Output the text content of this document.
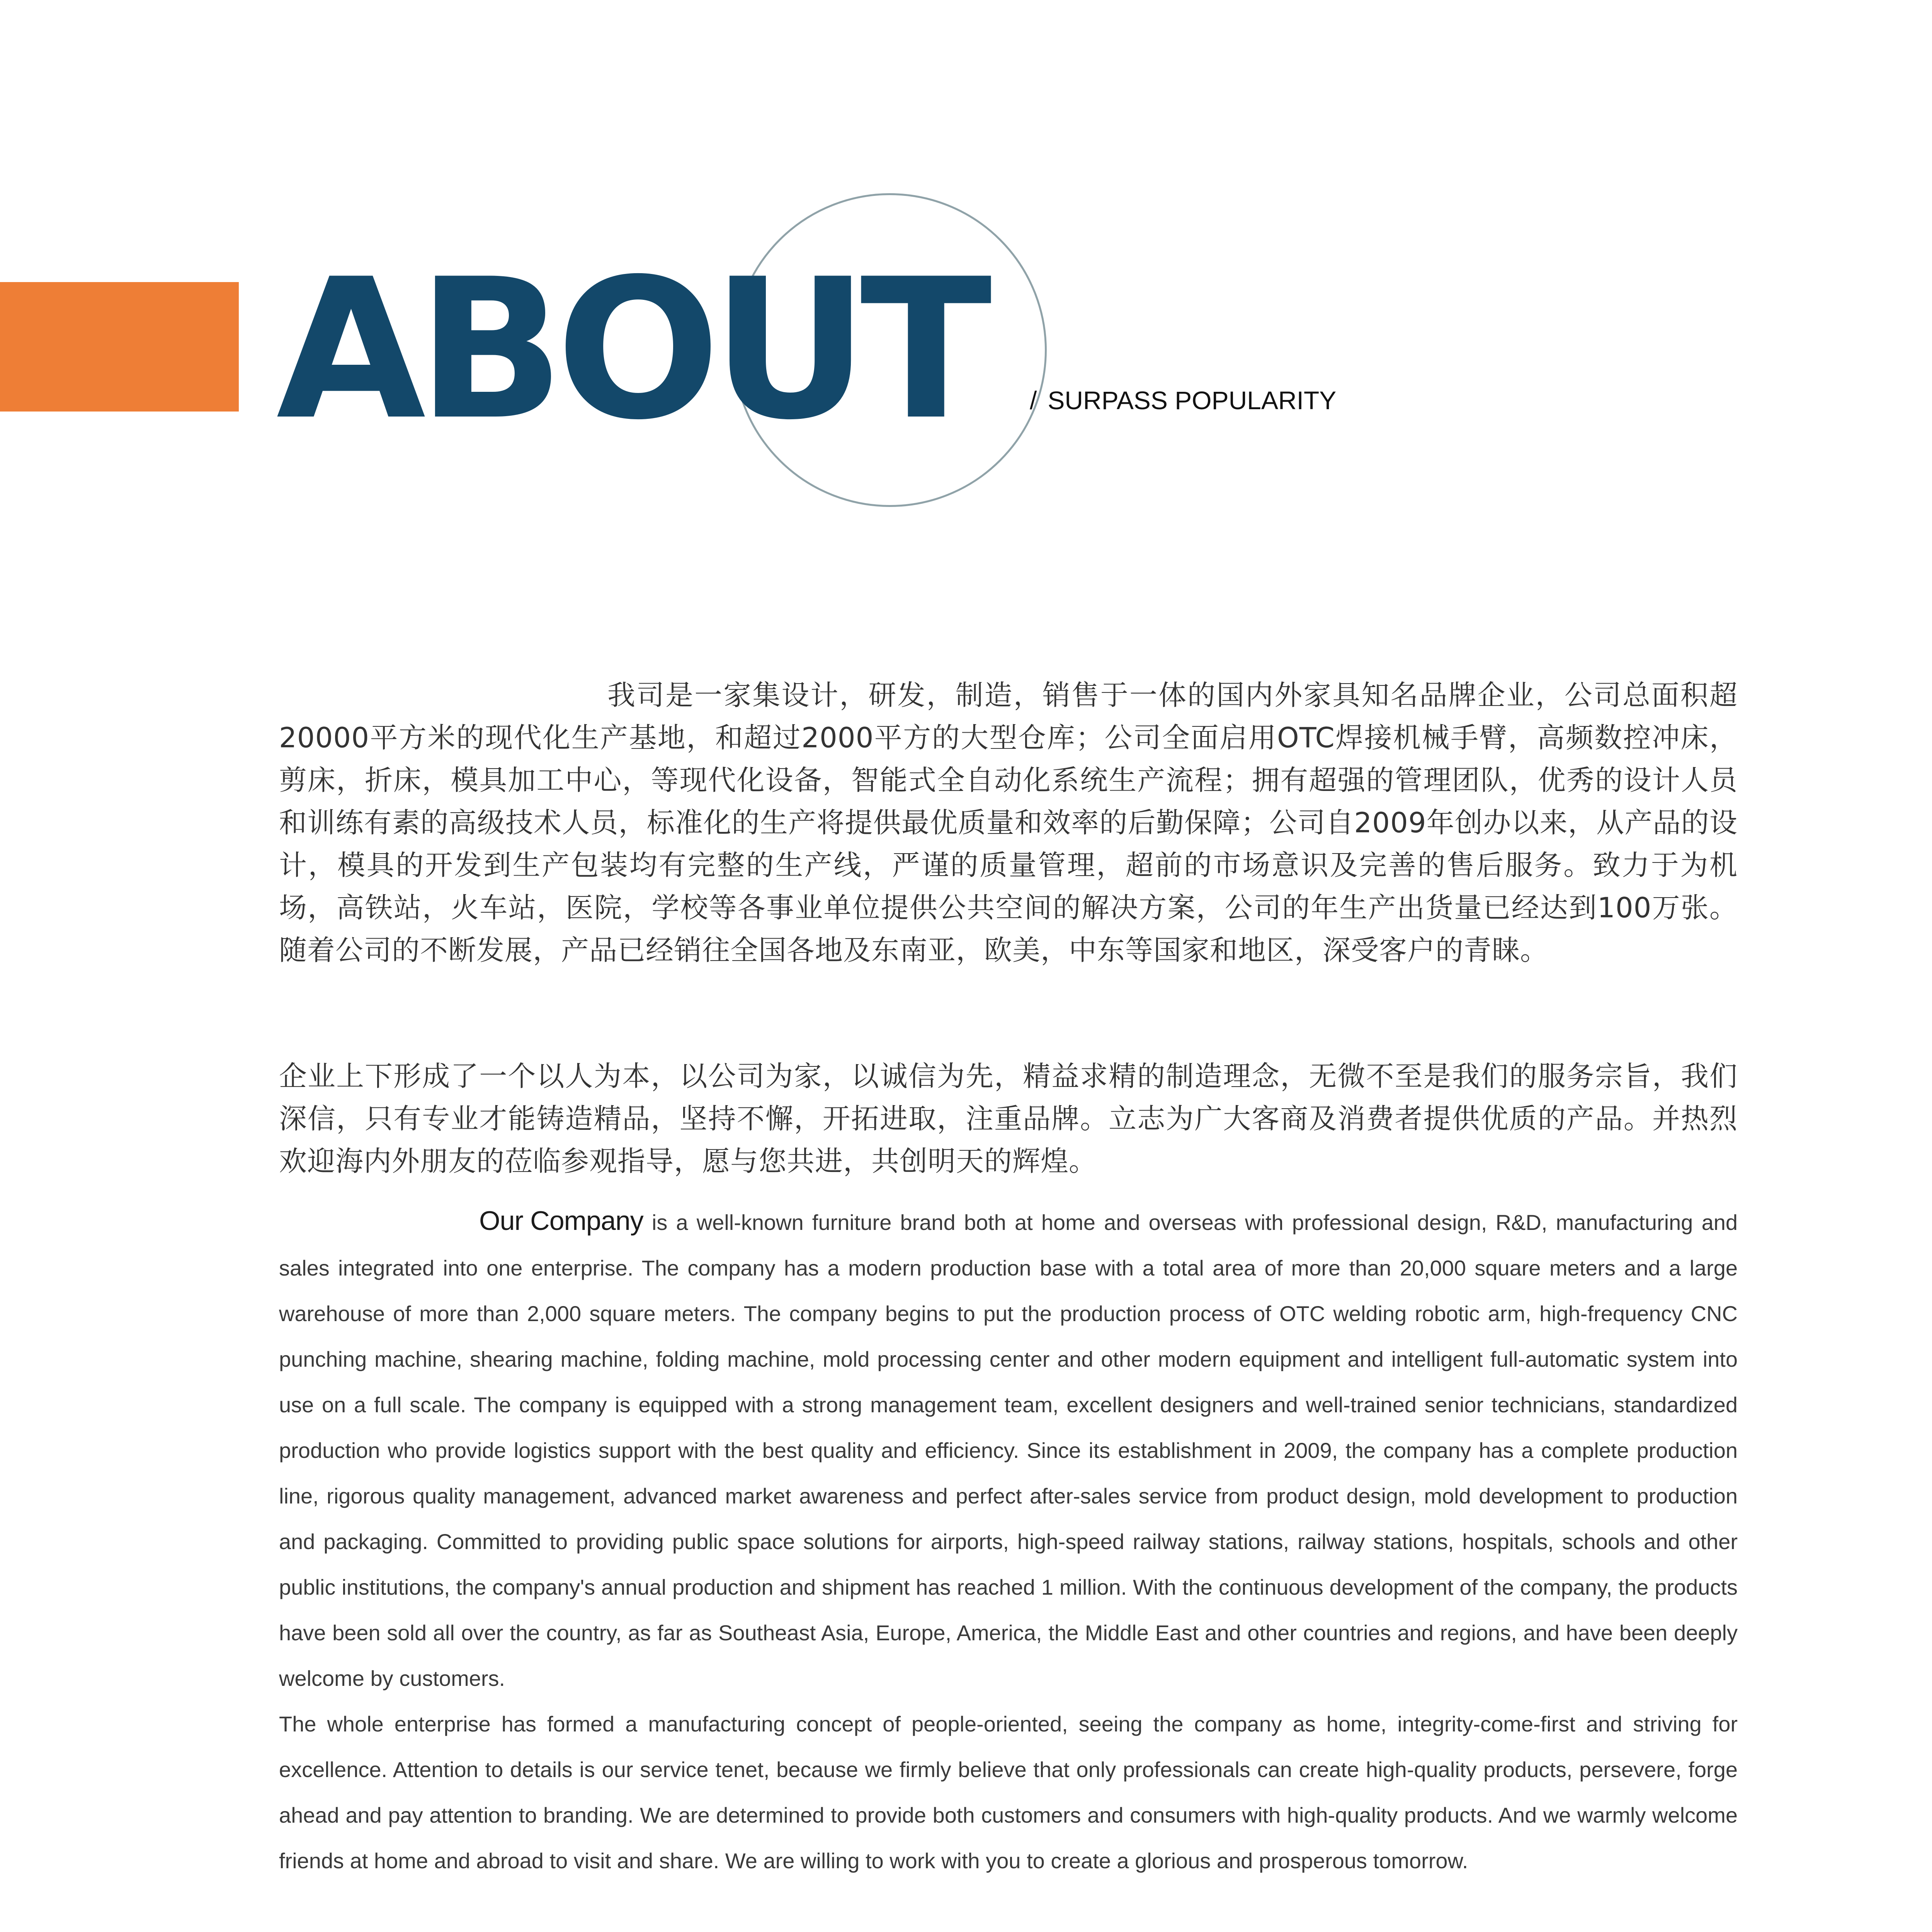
ABOUT / SURPASS POPULARITY

我司是一家集设计，研发，制造，销售于一体的国内外家具知名品牌企业，公司总面积超20000平方米的现代化生产基地，和超过2000平方的大型仓库；公司全面启用OTC焊接机械手臂，高频数控冲床，剪床，折床，模具加工中心，等现代化设备，智能式全自动化系统生产流程；拥有超强的管理团队，优秀的设计人员和训练有素的高级技术人员，标准化的生产将提供最优质量和效率的后勤保障；公司自2009年创办以来，从产品的设计，模具的开发到生产包装均有完整的生产线，严谨的质量管理，超前的市场意识及完善的售后服务。致力于为机场，高铁站，火车站，医院，学校等各事业单位提供公共空间的解决方案，公司的年生产出货量已经达到100万张。随着公司的不断发展，产品已经销往全国各地及东南亚，欧美，中东等国家和地区，深受客户的青睐。

企业上下形成了一个以人为本，以公司为家，以诚信为先，精益求精的制造理念，无微不至是我们的服务宗旨，我们深信，只有专业才能铸造精品，坚持不懈，开拓进取，注重品牌。立志为广大客商及消费者提供优质的产品。并热烈欢迎海内外朋友的莅临参观指导，愿与您共进，共创明天的辉煌。

Our Company is a well-known furniture brand both at home and overseas with professional design, R&D, manufacturing and sales integrated into one enterprise. The company has a modern production base with a total area of more than 20,000 square meters and a large warehouse of more than 2,000 square meters. The company begins to put the production process of OTC welding robotic arm, high-frequency CNC punching machine, shearing machine, folding machine, mold processing center and other modern equipment and intelligent full-automatic system into use on a full scale. The company is equipped with a strong management team, excellent designers and well-trained senior technicians, standardized production who provide logistics support with the best quality and efficiency. Since its establishment in 2009, the company has a complete production line, rigorous quality management, advanced market awareness and perfect after-sales service from product design, mold development to production and packaging. Committed to providing public space solutions for airports, high-speed railway stations, railway stations, hospitals, schools and other public institutions, the company's annual production and shipment has reached 1 million. With the continuous development of the company, the products have been sold all over the country, as far as Southeast Asia, Europe, America, the Middle East and other countries and regions, and have been deeply welcome by customers.

The whole enterprise has formed a manufacturing concept of people-oriented, seeing the company as home, integrity-come-first and striving for excellence. Attention to details is our service tenet, because we firmly believe that only professionals can create high-quality products, persevere, forge ahead and pay attention to branding. We are determined to provide both customers and consumers with high-quality products. And we warmly welcome friends at home and abroad to visit and share. We are willing to work with you to create a glorious and prosperous tomorrow.
